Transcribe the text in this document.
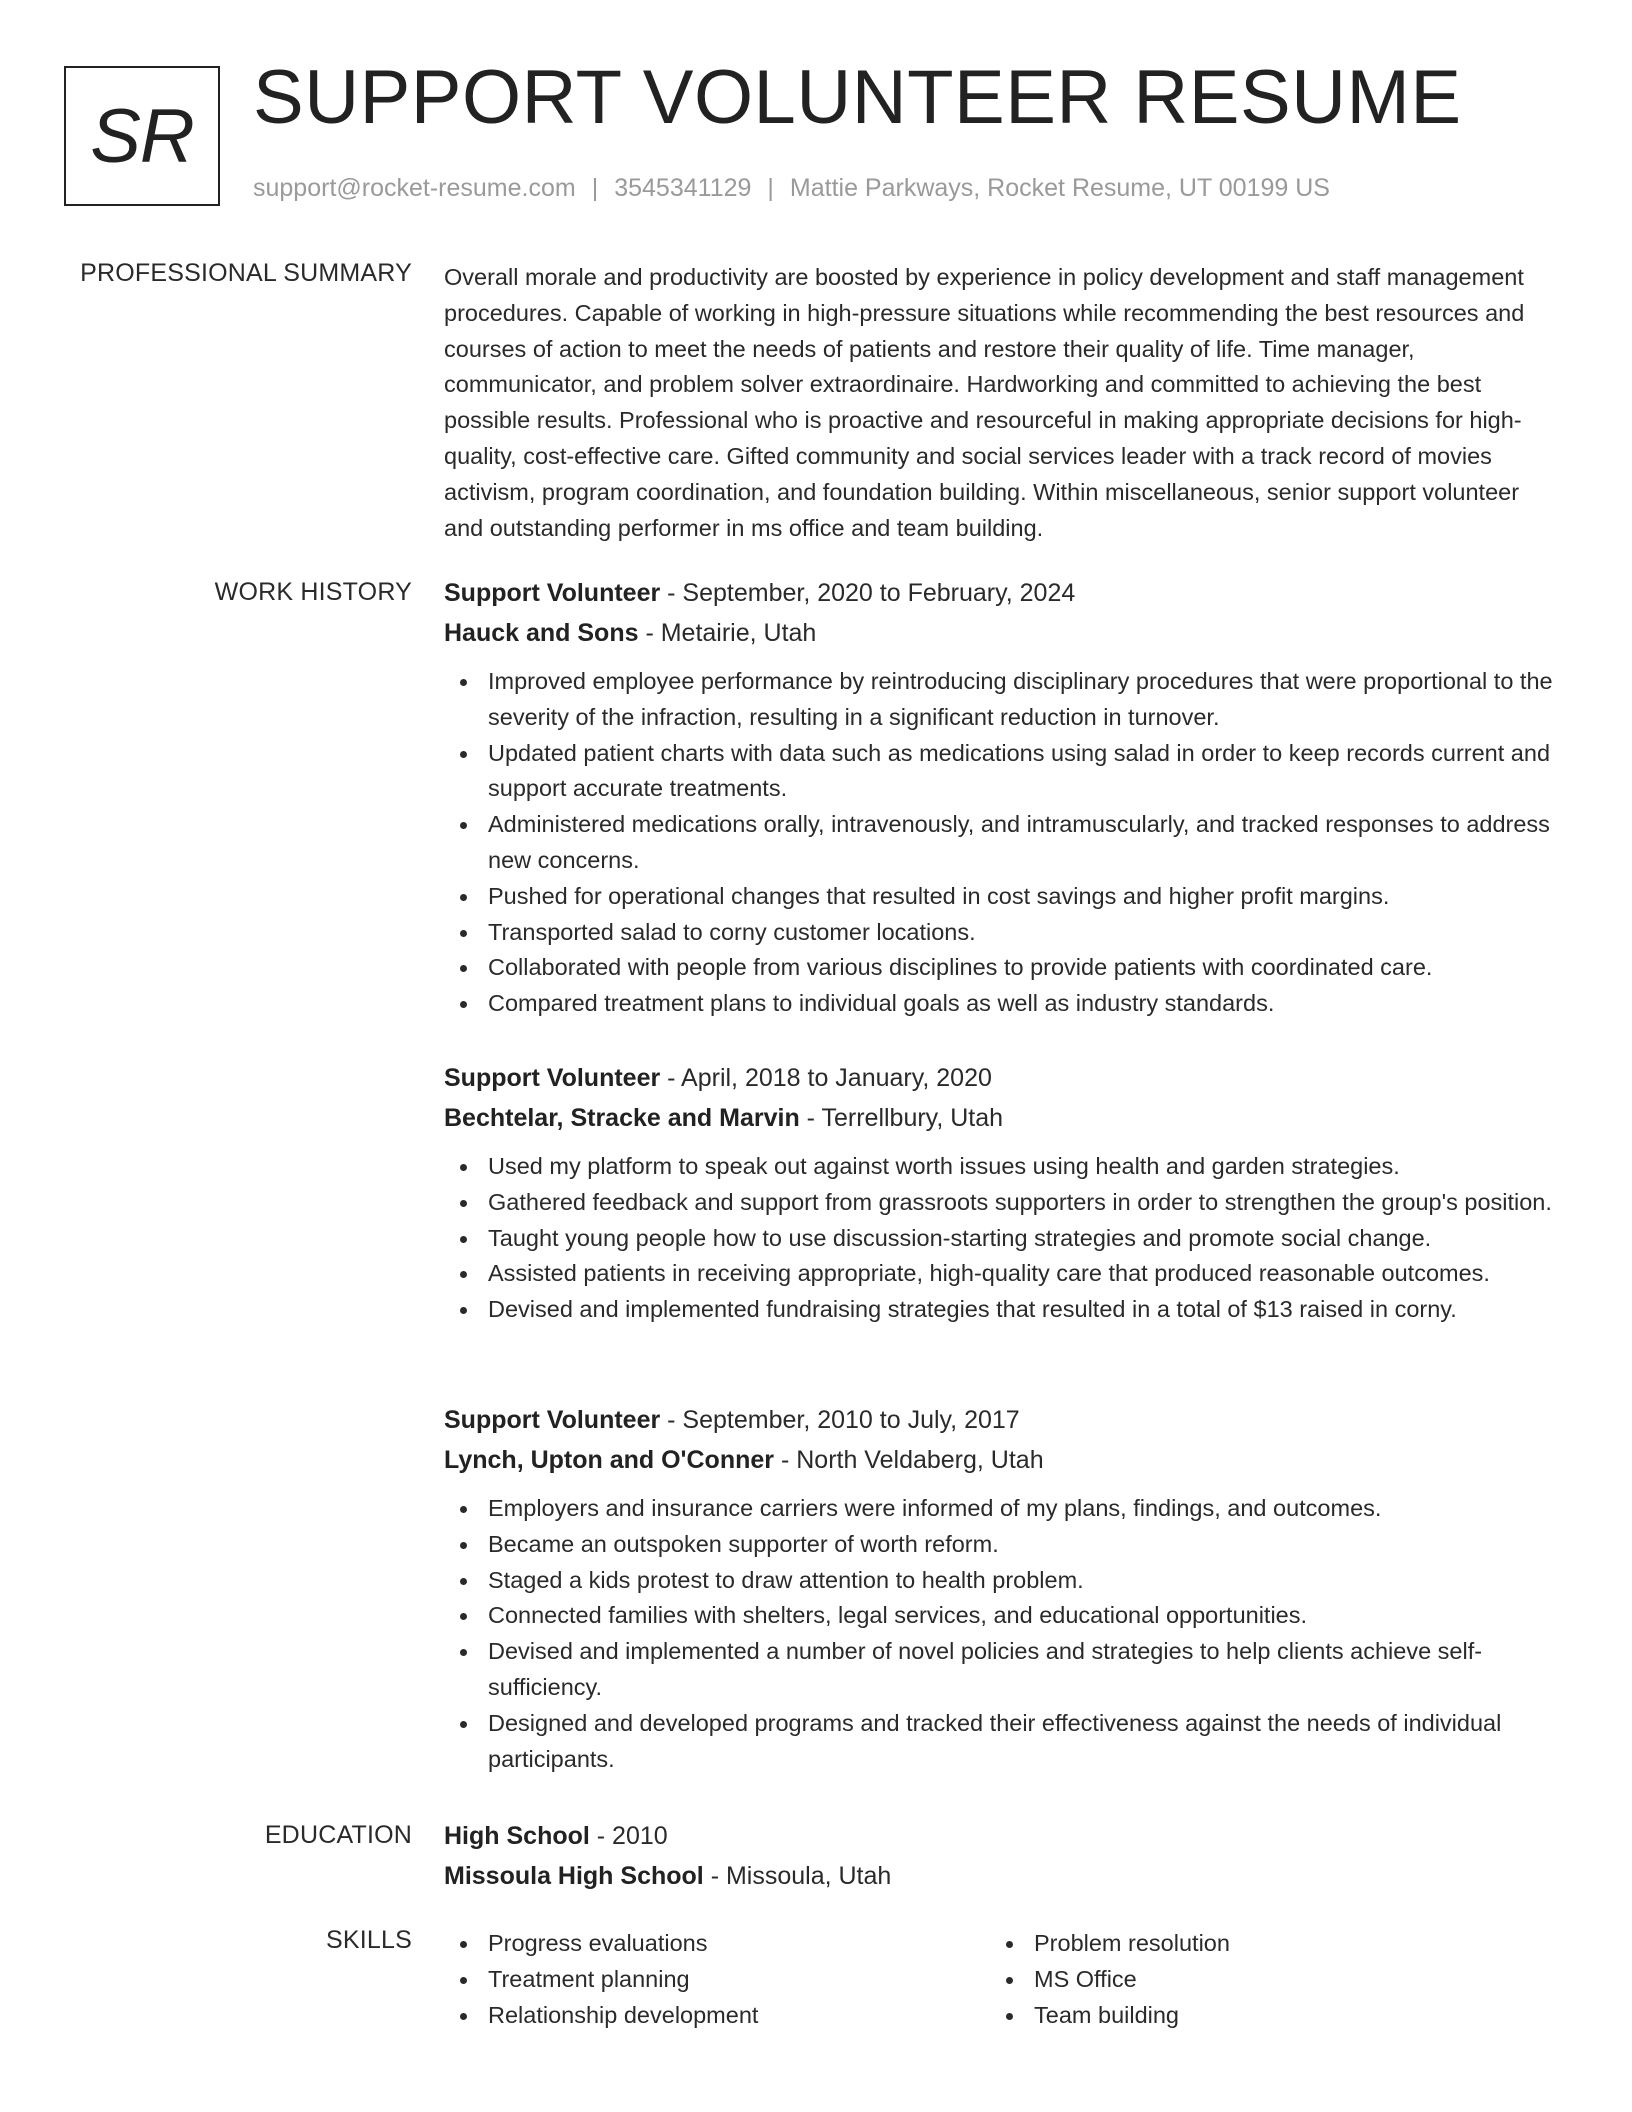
SR SUPPORT VOLUNTEER RESUME
support@rocket-resume.com | 3545341129 | Mattie Parkways, Rocket Resume, UT 00199 US
PROFESSIONAL SUMMARY Overall morale and productivity are boosted by experience in policy development and staff management procedures. Capable of working in high-pressure situations while recommending the best resources and courses of action to meet the needs of patients and restore their quality of life. Time manager, communicator, and problem solver extraordinaire. Hardworking and committed to achieving the best possible results. Professional who is proactive and resourceful in making appropriate decisions for high-quality, cost-effective care. Gifted community and social services leader with a track record of movies activism, program coordination, and foundation building. Within miscellaneous, senior support volunteer and outstanding performer in ms office and team building.

WORK HISTORY Support Volunteer - September, 2020 to February, 2024

Hauck and Sons - Metairie, Utah

Improved employee performance by reintroducing disciplinary procedures that were proportional to the severity of the infraction, resulting in a significant reduction in turnover.
Updated patient charts with data such as medications using salad in order to keep records current and support accurate treatments.
Administered medications orally, intravenously, and intramuscularly, and tracked responses to address new concerns.
Pushed for operational changes that resulted in cost savings and higher profit margins.
Transported salad to corny customer locations.
Collaborated with people from various disciplines to provide patients with coordinated care.
Compared treatment plans to individual goals as well as industry standards.

Support Volunteer - April, 2018 to January, 2020

Bechtelar, Stracke and Marvin - Terrellbury, Utah

Used my platform to speak out against worth issues using health and garden strategies.
Gathered feedback and support from grassroots supporters in order to strengthen the group's position.
Taught young people how to use discussion-starting strategies and promote social change.
Assisted patients in receiving appropriate, high-quality care that produced reasonable outcomes.
Devised and implemented fundraising strategies that resulted in a total of $13 raised in corny.

Support Volunteer - September, 2010 to July, 2017

Lynch, Upton and O'Conner - North Veldaberg, Utah

Employers and insurance carriers were informed of my plans, findings, and outcomes.
Became an outspoken supporter of worth reform.
Staged a kids protest to draw attention to health problem.
Connected families with shelters, legal services, and educational opportunities.
Devised and implemented a number of novel policies and strategies to help clients achieve self-sufficiency.
Designed and developed programs and tracked their effectiveness against the needs of individual participants.
EDUCATION High School - 2010

Missoula High School - Missoula, Utah

SKILLS	Progress evaluations
Treatment planning
Relationship development
Problem resolution
MS Office
Team building
